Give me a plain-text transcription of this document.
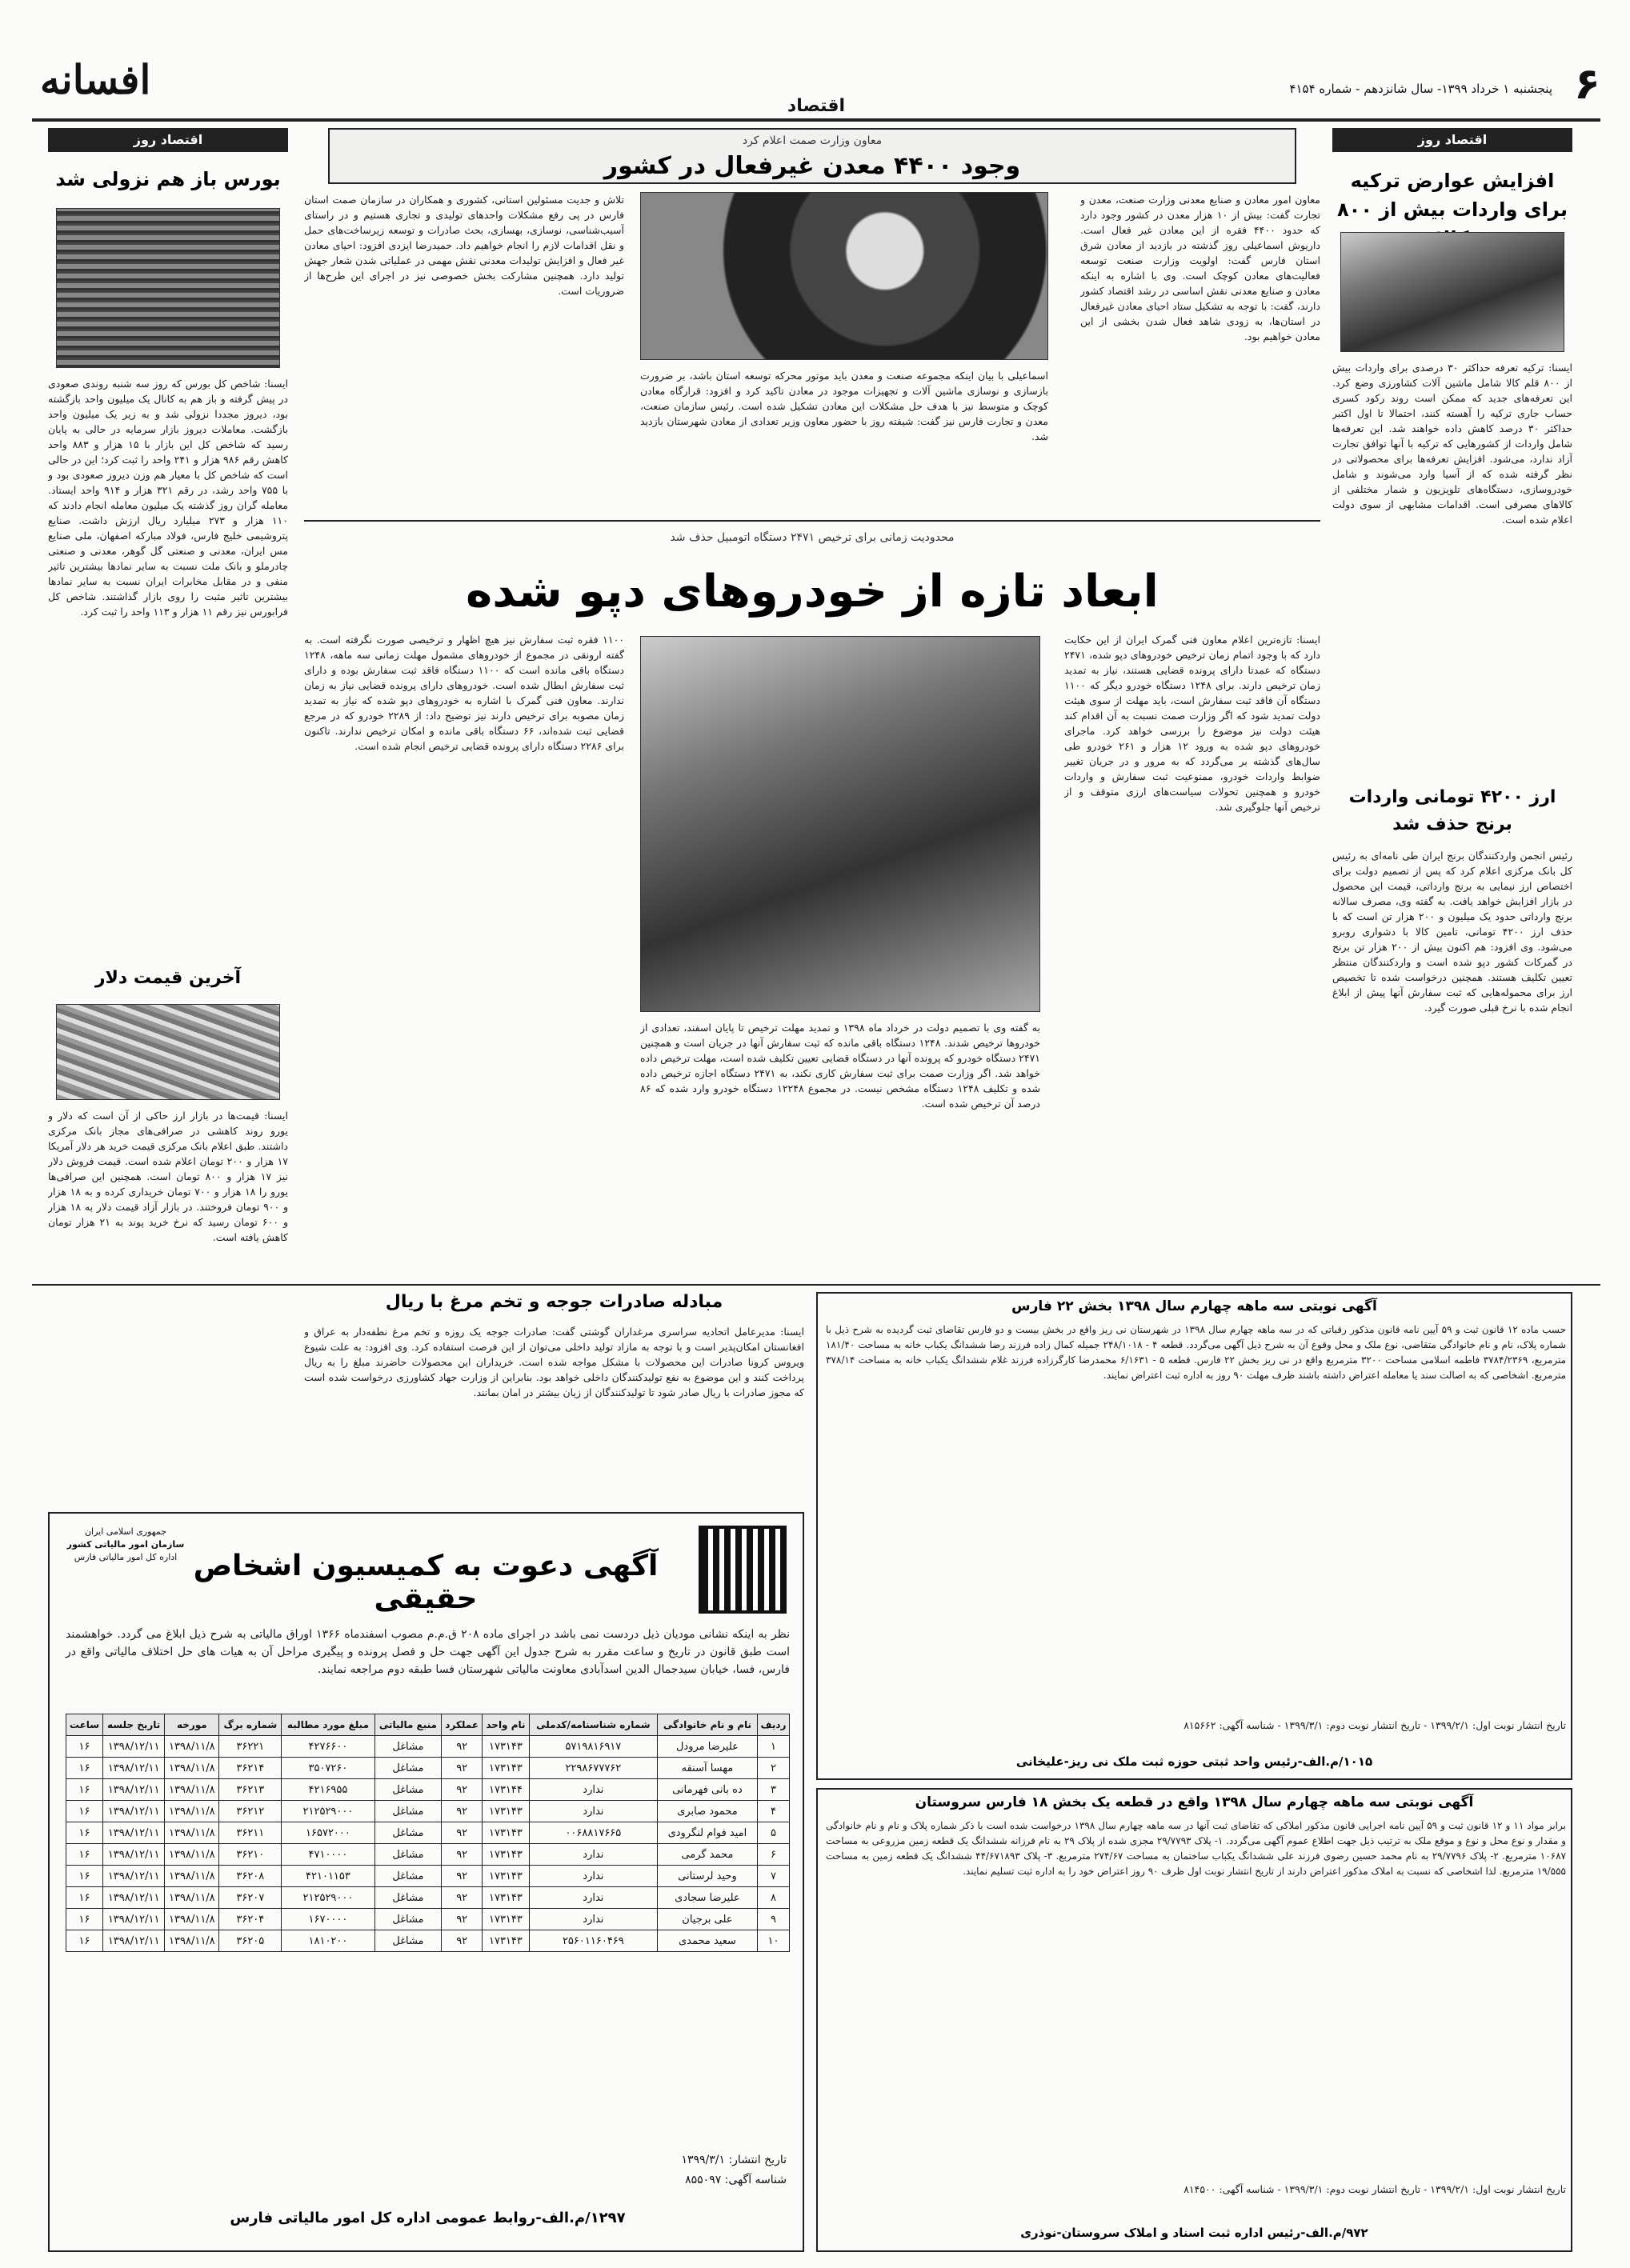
۶
پنجشنبه ۱ خرداد ۱۳۹۹- سال شانزدهم - شماره ۴۱۵۴
اقتصاد
افسانه
اقتصاد روز
افزایش عوارض ترکیه برای واردات بیش از ۸۰۰
ایسنا: ترکیه تعرفه حداکثر ۳۰ درصدی برای واردات بیش از ۸۰۰ قلم کالا شامل ماشین آلات کشاورزی وضع کرد. این تعرفه‌های جدید که ممکن است روند رکود کسری حساب جاری ترکیه را آهسته کنند، احتمالا تا اول اکتبر حداکثر ۳۰ درصد کاهش داده خواهند شد. این تعرفه‌ها شامل واردات از کشورهایی که ترکیه با آنها توافق تجارت آزاد ندارد، می‌شود. افزایش تعرفه‌ها برای محصولاتی در نظر گرفته شده که از آسیا وارد می‌شوند و شامل خودروسازی، دستگاه‌های تلویزیون و شمار مختلفی از کالاهای مصرفی است. اقدامات مشابهی از سوی دولت اعلام شده است.
ارز ۴۲۰۰ تومانی واردات برنج حذف شد
رئیس انجمن واردکنندگان برنج ایران طی نامه‌ای به رئیس کل بانک مرکزی اعلام کرد که پس از تصمیم دولت برای اختصاص ارز نیمایی به برنج وارداتی، قیمت این محصول در بازار افزایش خواهد یافت. به گفته وی، مصرف سالانه برنج وارداتی حدود یک میلیون و ۲۰۰ هزار تن است که با حذف ارز ۴۲۰۰ تومانی، تامین کالا با دشواری روبرو می‌شود. وی افزود: هم اکنون بیش از ۲۰۰ هزار تن برنج در گمرکات کشور دپو شده است و واردکنندگان منتظر تعیین تکلیف هستند. همچنین درخواست شده تا تخصیص ارز برای محموله‌هایی که ثبت سفارش آنها پیش از ابلاغ انجام شده با نرخ قبلی صورت گیرد.
اقتصاد روز
بورس باز هم نزولی شد
ایسنا: شاخص کل بورس که روز سه شنبه روندی صعودی در پیش گرفته و باز هم به کانال یک میلیون واحد بازگشته بود، دیروز مجددا نزولی شد و به زیر یک میلیون واحد بازگشت. معاملات دیروز بازار سرمایه در حالی به پایان رسید که شاخص کل این بازار با ۱۵ هزار و ۸۸۳ واحد کاهش رقم ۹۸۶ هزار و ۲۴۱ واحد را ثبت کرد؛ این در حالی است که شاخص کل با معیار هم وزن دیروز صعودی بود و با ۷۵۵ واحد رشد، در رقم ۳۲۱ هزار و ۹۱۴ واحد ایستاد. معامله گران روز گذشته یک میلیون معامله انجام دادند که ۱۱۰ هزار و ۲۷۳ میلیارد ریال ارزش داشت. صنایع پتروشیمی خلیج فارس، فولاد مبارکه اصفهان، ملی صنایع مس ایران، معدنی و صنعتی گل گوهر، معدنی و صنعتی چادرملو و بانک ملت نسبت به سایر نمادها بیشترین تاثیر منفی و در مقابل مخابرات ایران نسبت به سایر نمادها بیشترین تاثیر مثبت را روی بازار گذاشتند. شاخص کل فرابورس نیز رقم ۱۱ هزار و ۱۱۳ واحد را ثبت کرد.
آخرین قیمت دلار
ایسنا: قیمت‌ها در بازار ارز حاکی از آن است که دلار و یورو روند کاهشی در صرافی‌های مجاز بانک مرکزی داشتند. طبق اعلام بانک مرکزی قیمت خرید هر دلار آمریکا ۱۷ هزار و ۲۰۰ تومان اعلام شده است. قیمت فروش دلار نیز ۱۷ هزار و ۸۰۰ تومان است. همچنین این صرافی‌ها یورو را ۱۸ هزار و ۷۰۰ تومان خریداری کرده و به ۱۸ هزار و ۹۰۰ تومان فروختند. در بازار آزاد قیمت دلار به ۱۸ هزار و ۶۰۰ تومان رسید که نرخ خرید پوند به ۲۱ هزار تومان کاهش یافته است.
معاون وزارت صمت اعلام کرد
وجود ۴۴۰۰ معدن غیرفعال در کشور
معاون امور معادن و صنایع معدنی وزارت صنعت، معدن و تجارت گفت: بیش از ۱۰ هزار معدن در کشور وجود دارد که حدود ۴۴۰۰ فقره از این معادن غیر فعال است. داریوش اسماعیلی روز گذشته در بازدید از معادن شرق استان فارس گفت: اولویت وزارت صنعت توسعه فعالیت‌های معادن کوچک است. وی با اشاره به اینکه معادن و صنایع معدنی نقش اساسی در رشد اقتصاد کشور دارند، گفت: با توجه به تشکیل ستاد احیای معادن غیرفعال در استان‌ها، به زودی شاهد فعال شدن بخشی از این معادن خواهیم بود.
اسماعیلی با بیان اینکه مجموعه صنعت و معدن باید موتور محرکه توسعه استان باشد، بر ضرورت بازسازی و نوسازی ماشین آلات و تجهیزات موجود در معادن تاکید کرد و افزود: قرارگاه معادن کوچک و متوسط نیز با هدف حل مشکلات این معادن تشکیل شده است. رئیس سازمان صنعت، معدن و تجارت فارس نیز گفت: شیفته روز با حضور معاون وزیر تعدادی از معادن شهرستان بازدید شد.
تلاش و جدیت مسئولین استانی، کشوری و همکاران در سازمان صمت استان فارس در پی رفع مشکلات واحدهای تولیدی و تجاری هستیم و در راستای آسیب‌شناسی، نوسازی، بهسازی، بحث صادرات و توسعه زیرساخت‌های حمل و نقل اقدامات لازم را انجام خواهیم داد. حمیدرضا ایزدی افزود: احیای معادن غیر فعال و افزایش تولیدات معدنی نقش مهمی در عملیاتی شدن شعار جهش تولید دارد. همچنین مشارکت بخش خصوصی نیز در اجرای این طرح‌ها از ضروریات است.
محدودیت زمانی برای ترخیص ۲۴۷۱ دستگاه اتومبیل حذف شد
ابعاد تازه از خودروهای دپو شده
ایسنا: تازه‌ترین اعلام معاون فنی گمرک ایران از این حکایت دارد که با وجود اتمام زمان ترخیص خودروهای دپو شده، ۲۴۷۱ دستگاه که عمدتا دارای پرونده قضایی هستند، نیاز به تمدید زمان ترخیص دارند. برای ۱۲۴۸ دستگاه خودرو دیگر که ۱۱۰۰ دستگاه آن فاقد ثبت سفارش است، باید مهلت از سوی هیئت دولت تمدید شود که اگر وزارت صمت نسبت به آن اقدام کند هیئت دولت نیز موضوع را بررسی خواهد کرد. ماجرای خودروهای دپو شده به ورود ۱۲ هزار و ۲۶۱ خودرو طی سال‌های گذشته بر می‌گردد که به مرور و در جریان تغییر ضوابط واردات خودرو، ممنوعیت ثبت سفارش و واردات خودرو و همچنین تحولات سیاست‌های ارزی متوقف و از ترخیص آنها جلوگیری شد.
به گفته وی با تصمیم دولت در خرداد ماه ۱۳۹۸ و تمدید مهلت ترخیص تا پایان اسفند، تعدادی از خودروها ترخیص شدند. ۱۲۴۸ دستگاه باقی مانده که ثبت سفارش آنها در جریان است و همچنین ۲۴۷۱ دستگاه خودرو که پرونده آنها در دستگاه قضایی تعیین تکلیف شده است، مهلت ترخیص داده خواهد شد. اگر وزارت صمت برای ثبت سفارش کاری نکند، به ۲۴۷۱ دستگاه اجازه ترخیص داده شده و تکلیف ۱۲۴۸ دستگاه مشخص نیست. در مجموع ۱۲۲۴۸ دستگاه خودرو وارد شده که ۸۶ درصد آن ترخیص شده است.
۱۱۰۰ فقره ثبت سفارش نیز هیچ اظهار و ترخیصی صورت نگرفته است. به گفته ارونقی در مجموع از خودروهای مشمول مهلت زمانی سه ماهه، ۱۲۴۸ دستگاه باقی مانده است که ۱۱۰۰ دستگاه فاقد ثبت سفارش بوده و دارای ثبت سفارش ابطال شده است. خودروهای دارای پرونده قضایی نیاز به زمان ندارند. معاون فنی گمرک با اشاره به خودروهای دپو شده که نیاز به تمدید زمان مصوبه برای ترخیص دارند نیز توضیح داد: از ۲۲۸۹ خودرو که در مرجع قضایی ثبت شده‌اند، ۶۶ دستگاه باقی مانده و امکان ترخیص ندارند. تاکنون برای ۲۲۸۶ دستگاه دارای پرونده قضایی ترخیص انجام شده است.
آگهی نوبتی سه ماهه چهارم سال ۱۳۹۸ بخش ۲۲ فارس
حسب ماده ۱۲ قانون ثبت و ۵۹ آیین نامه قانون مذکور رقباتی که در سه ماهه چهارم سال ۱۳۹۸ در شهرستان نی ریز واقع در بخش بیست و دو فارس تقاضای ثبت گردیده به شرح ذیل با شماره پلاک، نام و نام خانوادگی متقاضی، نوع ملک و محل وقوع آن به شرح ذیل آگهی می‌گردد. قطعه ۴ - ۲۴۸/۱۰۱۸ جمیله کمال زاده فرزند رضا ششدانگ یکباب خانه به مساحت ۱۸۱/۴۰ مترمربع، ۳۷۸۴/۲۳۶۹ فاطمه اسلامی مساحت ۳۲۰۰ مترمربع واقع در نی ریز بخش ۲۲ فارس. قطعه ۵ - ۶/۱۶۳۱ محمدرضا کارگرزاده فرزند غلام ششدانگ یکباب خانه به مساحت ۳۷۸/۱۴ مترمربع. اشخاصی که به اصالت سند یا معامله اعتراض داشته باشند ظرف مهلت ۹۰ روز به اداره ثبت اعتراض نمایند.
تاریخ انتشار نوبت اول: ۱۳۹۹/۲/۱ - تاریخ انتشار نوبت دوم: ۱۳۹۹/۳/۱ - شناسه آگهی: ۸۱۵۶۶۲
۱۰۱۵/م.الف-رئیس واحد ثبتی حوزه ثبت ملک نی ریز-علیخانی
آگهی نوبتی سه ماهه چهارم سال ۱۳۹۸ واقع در قطعه یک بخش ۱۸ فارس سروستان
برابر مواد ۱۱ و ۱۲ قانون ثبت و ۵۹ آیین نامه اجرایی قانون مذکور املاکی که تقاضای ثبت آنها در سه ماهه چهارم سال ۱۳۹۸ درخواست شده است با ذکر شماره پلاک و نام و نام خانوادگی و مقدار و نوع محل و نوع و موقع ملک به ترتیب ذیل جهت اطلاع عموم آگهی می‌گردد. ۱- پلاک ۲۹/۷۷۹۳ مجزی شده از پلاک ۲۹ به نام فرزانه ششدانگ یک قطعه زمین مزروعی به مساحت ۱۰۶۸۷ مترمربع. ۲- پلاک ۲۹/۷۷۹۶ به نام محمد حسین رضوی فرزند علی ششدانگ یکباب ساختمان به مساحت ۲۷۴/۶۷ مترمربع. ۳- پلاک ۴۴/۶۷۱۸۹۳ ششدانگ یک قطعه زمین به مساحت ۱۹/۵۵۵ مترمربع. لذا اشخاصی که نسبت به املاک مذکور اعتراض دارند از تاریخ انتشار نوبت اول ظرف ۹۰ روز اعتراض خود را به اداره ثبت تسلیم نمایند.
تاریخ انتشار نوبت اول: ۱۳۹۹/۲/۱ - تاریخ انتشار نوبت دوم: ۱۳۹۹/۳/۱ - شناسه آگهی: ۸۱۴۵۰۰
۹۷۲/م.الف-رئیس اداره ثبت اسناد و املاک سروستان-نوذری
مبادله صادرات جوجه و تخم مرغ با ریال
ایسنا: مدیرعامل اتحادیه سراسری مرغداران گوشتی گفت: صادرات جوجه یک روزه و تخم مرغ نطفه‌دار به عراق و افغانستان امکان‌پذیر است و با توجه به مازاد تولید داخلی می‌توان از این فرصت استفاده کرد. وی افزود: به علت شیوع ویروس کرونا صادرات این محصولات با مشکل مواجه شده است. خریداران این محصولات حاضرند مبلغ را به ریال پرداخت کنند و این موضوع به نفع تولیدکنندگان داخلی خواهد بود. بنابراین از وزارت جهاد کشاورزی درخواست شده است که مجوز صادرات با ریال صادر شود تا تولیدکنندگان از زیان بیشتر در امان بمانند.
جمهوری اسلامی ایران
سازمان امور مالیاتی کشور
اداره کل امور مالیاتی فارس آگهی دعوت به کمیسیون اشخاص حقیقی
نظر به اینکه نشانی مودیان ذیل دردست نمی باشد در اجرای ماده ۲۰۸ ق.م.م مصوب اسفندماه ۱۳۶۶ اوراق مالیاتی به شرح ذیل ابلاغ می گردد. خواهشمند است طبق قانون در تاریخ و ساعت مقرر به شرح جدول این آگهی جهت حل و فصل پرونده و پیگیری مراحل آن به هیات های حل اختلاف مالیاتی واقع در فارس، فسا، خیابان سیدجمال الدین اسدآبادی معاونت مالیاتی شهرستان فسا طبقه دوم مراجعه نمایند.
ردیف	نام و نام خانوادگی	شماره شناسنامه/کدملی	نام واحد	عملکرد	منبع مالیاتی	مبلغ مورد مطالبه	شماره برگ	مورخه	تاریخ جلسه	ساعت
۱	علیرضا مرودل	۵۷۱۹۸۱۶۹۱۷	۱۷۳۱۴۳	۹۲	مشاغل	۴۲۷۶۶۰۰	۳۶۲۲۱	۱۳۹۸/۱۱/۸	۱۳۹۸/۱۲/۱۱	۱۶
۲	مهسا آسنقه	۲۲۹۸۶۷۷۷۶۲	۱۷۳۱۴۳	۹۲	مشاغل	۳۵۰۷۲۶۰	۳۶۲۱۴	۱۳۹۸/۱۱/۸	۱۳۹۸/۱۲/۱۱	۱۶
۳	ده بانی فهرمانی	ندارد	۱۷۳۱۴۴	۹۲	مشاغل	۴۲۱۶۹۵۵	۳۶۲۱۳	۱۳۹۸/۱۱/۸	۱۳۹۸/۱۲/۱۱	۱۶
۴	محمود صابری	ندارد	۱۷۳۱۴۳	۹۲	مشاغل	۲۱۲۵۲۹۰۰۰	۳۶۲۱۲	۱۳۹۸/۱۱/۸	۱۳۹۸/۱۲/۱۱	۱۶
۵	امید فوام لنگرودی	۰۰۶۸۸۱۷۶۶۵	۱۷۳۱۴۳	۹۲	مشاغل	۱۶۵۷۲۰۰۰	۳۶۲۱۱	۱۳۹۸/۱۱/۸	۱۳۹۸/۱۲/۱۱	۱۶
۶	محمد گرمی	ندارد	۱۷۳۱۴۳	۹۲	مشاغل	۴۷۱۰۰۰۰	۳۶۲۱۰	۱۳۹۸/۱۱/۸	۱۳۹۸/۱۲/۱۱	۱۶
۷	وحید لرستانی	ندارد	۱۷۳۱۴۳	۹۲	مشاغل	۴۲۱۰۱۱۵۳	۳۶۲۰۸	۱۳۹۸/۱۱/۸	۱۳۹۸/۱۲/۱۱	۱۶
۸	علیرضا سجادی	ندارد	۱۷۳۱۴۳	۹۲	مشاغل	۲۱۲۵۲۹۰۰۰	۳۶۲۰۷	۱۳۹۸/۱۱/۸	۱۳۹۸/۱۲/۱۱	۱۶
۹	علی برجیان	ندارد	۱۷۳۱۴۳	۹۲	مشاغل	۱۶۷۰۰۰۰	۳۶۲۰۴	۱۳۹۸/۱۱/۸	۱۳۹۸/۱۲/۱۱	۱۶
۱۰	سعید محمدی	۲۵۶۰۱۱۶۰۴۶۹	۱۷۳۱۴۳	۹۲	مشاغل	۱۸۱۰۲۰۰	۳۶۲۰۵	۱۳۹۸/۱۱/۸	۱۳۹۸/۱۲/۱۱	۱۶
تاریخ انتشار: ۱۳۹۹/۳/۱
شناسه آگهی: ۸۵۵۰۹۷
۱۲۹۷/م.الف-روابط عمومی اداره کل امور مالیاتی فارس
